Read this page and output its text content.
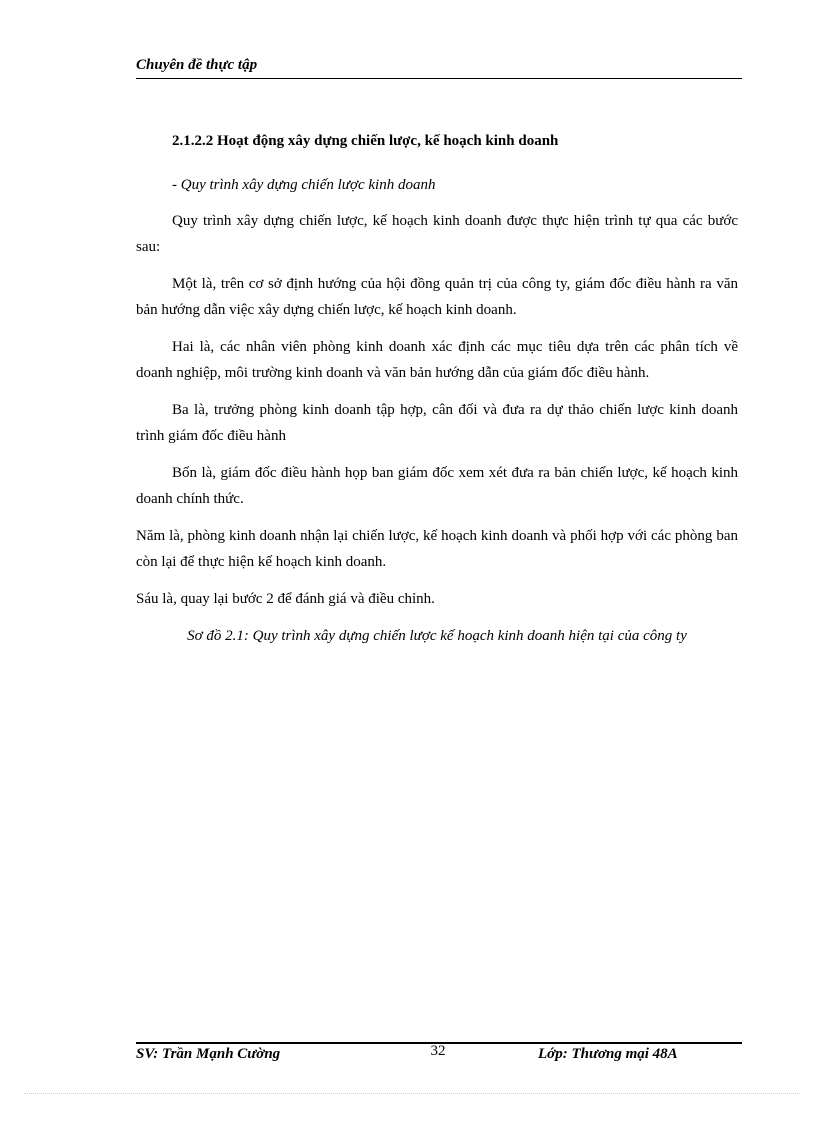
Chuyên đề thực tập

2.1.2.2 Hoạt động xây dựng chiến lược, kế hoạch kinh doanh

- Quy trình xây dựng chiến lược kinh doanh

Quy trình xây dựng chiến lược, kế hoạch kinh doanh được thực hiện trình tự qua các bước sau:

Một là, trên cơ sở định hướng của hội đồng quản trị của công ty, giám đốc điều hành ra văn bản hướng dẫn việc xây dựng chiến lược, kế hoạch kinh doanh.

Hai là, các nhân viên phòng kinh doanh xác định các mục tiêu dựa trên các phân tích về doanh nghiệp, môi trường kinh doanh và văn bản hướng dẫn của giám đốc điều hành.

Ba là, trưởng phòng kinh doanh tập hợp, cân đối và đưa ra dự thảo chiến lược kinh doanh trình giám đốc điều hành

Bốn là, giám đốc điều hành họp ban giám đốc xem xét đưa ra bản chiến lược, kế hoạch kinh doanh chính thức.

Năm là, phòng kinh doanh nhận lại chiến lược, kế hoạch kinh doanh và phối hợp với các phòng ban còn lại để thực hiện kế hoạch kinh doanh.

Sáu là, quay lại bước 2 để đánh giá và điều chỉnh.

Sơ đồ 2.1: Quy trình xây dựng chiến lược kế hoạch kinh doanh hiện tại của công ty

SV: Trần Mạnh Cường	32	Lớp: Thương mại 48A
